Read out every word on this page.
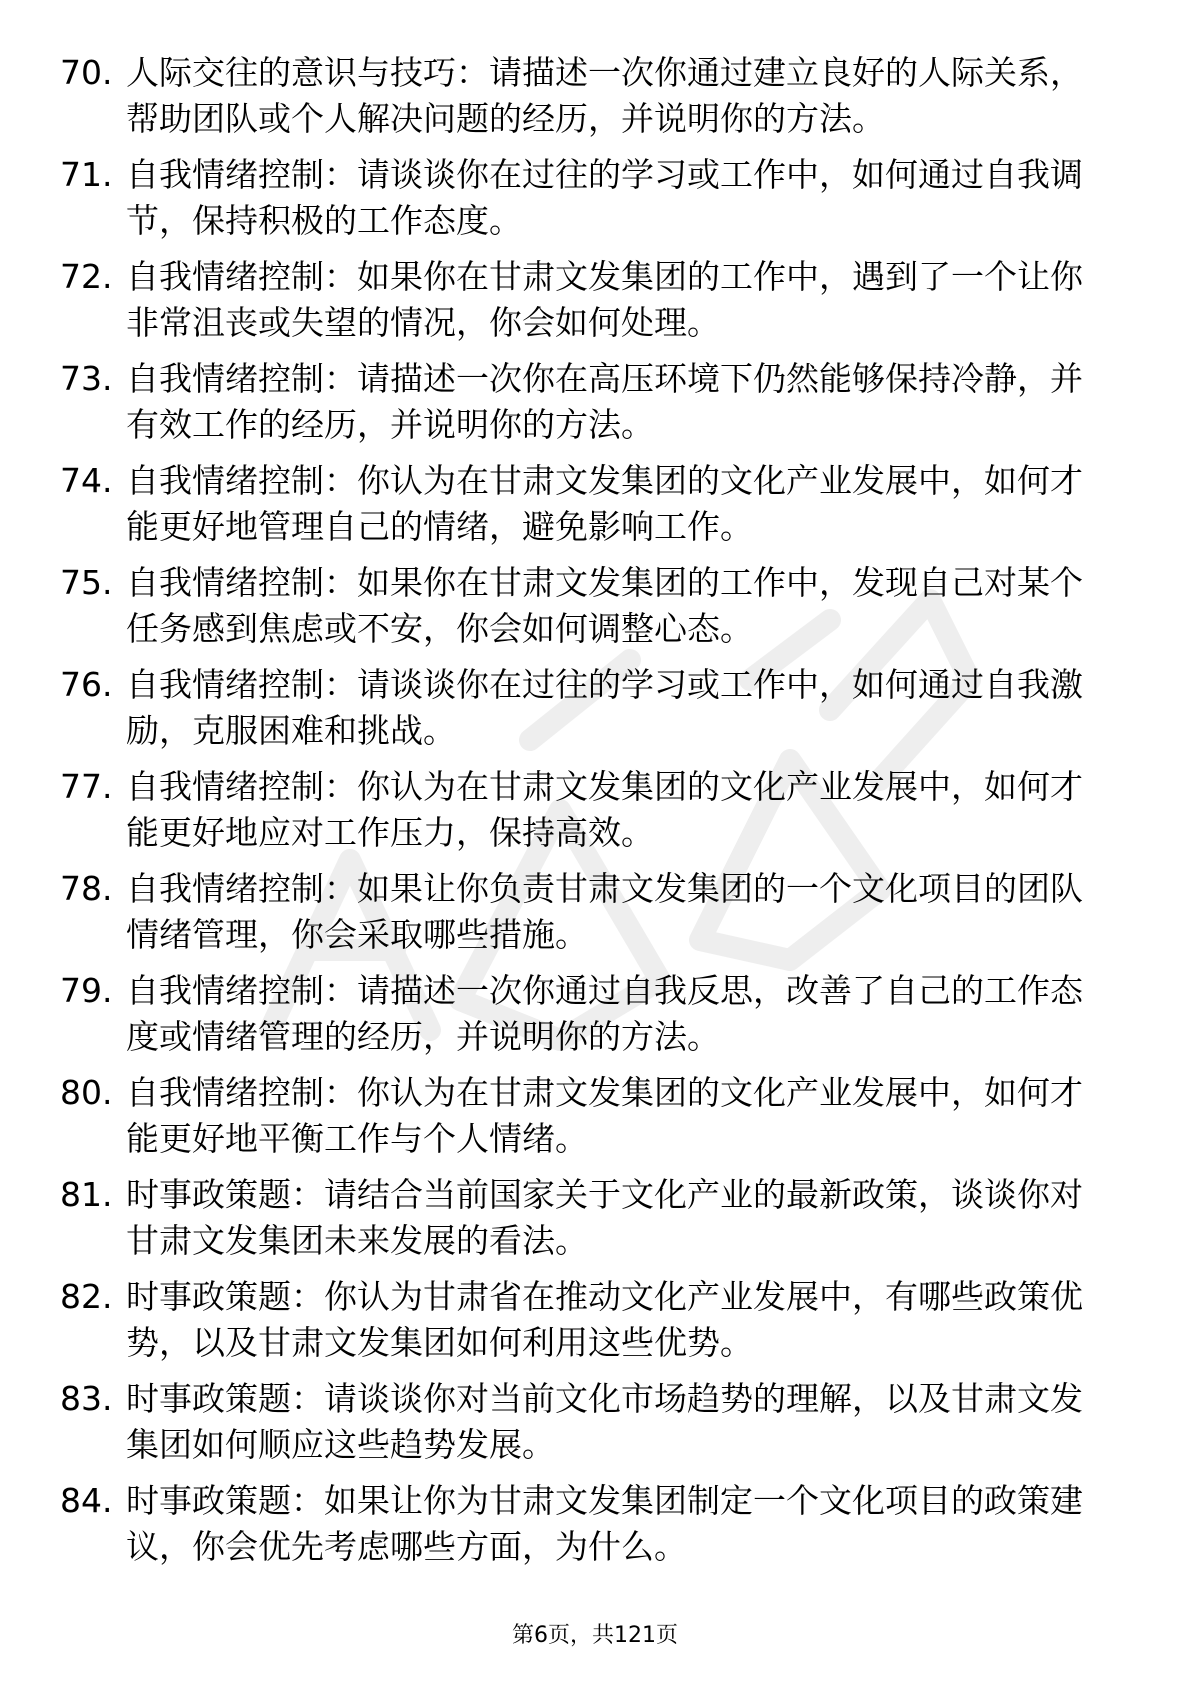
70. 人际交往的意识与技巧：请描述一次你通过建立良好的人际关系，帮助团队或个人解决问题的经历，并说明你的方法。
71. 自我情绪控制：请谈谈你在过往的学习或工作中，如何通过自我调节，保持积极的工作态度。
72. 自我情绪控制：如果你在甘肃文发集团的工作中，遇到了一个让你非常沮丧或失望的情况，你会如何处理。
73. 自我情绪控制：请描述一次你在高压环境下仍然能够保持冷静，并有效工作的经历，并说明你的方法。
74. 自我情绪控制：你认为在甘肃文发集团的文化产业发展中，如何才能更好地管理自己的情绪，避免影响工作。
75. 自我情绪控制：如果你在甘肃文发集团的工作中，发现自己对某个任务感到焦虑或不安，你会如何调整心态。
76. 自我情绪控制：请谈谈你在过往的学习或工作中，如何通过自我激励，克服困难和挑战。
77. 自我情绪控制：你认为在甘肃文发集团的文化产业发展中，如何才能更好地应对工作压力，保持高效。
78. 自我情绪控制：如果让你负责甘肃文发集团的一个文化项目的团队情绪管理，你会采取哪些措施。
79. 自我情绪控制：请描述一次你通过自我反思，改善了自己的工作态度或情绪管理的经历，并说明你的方法。
80. 自我情绪控制：你认为在甘肃文发集团的文化产业发展中，如何才能更好地平衡工作与个人情绪。
81. 时事政策题：请结合当前国家关于文化产业的最新政策，谈谈你对甘肃文发集团未来发展的看法。
82. 时事政策题：你认为甘肃省在推动文化产业发展中，有哪些政策优势，以及甘肃文发集团如何利用这些优势。
83. 时事政策题：请谈谈你对当前文化市场趋势的理解，以及甘肃文发集团如何顺应这些趋势发展。
84. 时事政策题：如果让你为甘肃文发集团制定一个文化项目的政策建议，你会优先考虑哪些方面，为什么。
第6页，共121页
